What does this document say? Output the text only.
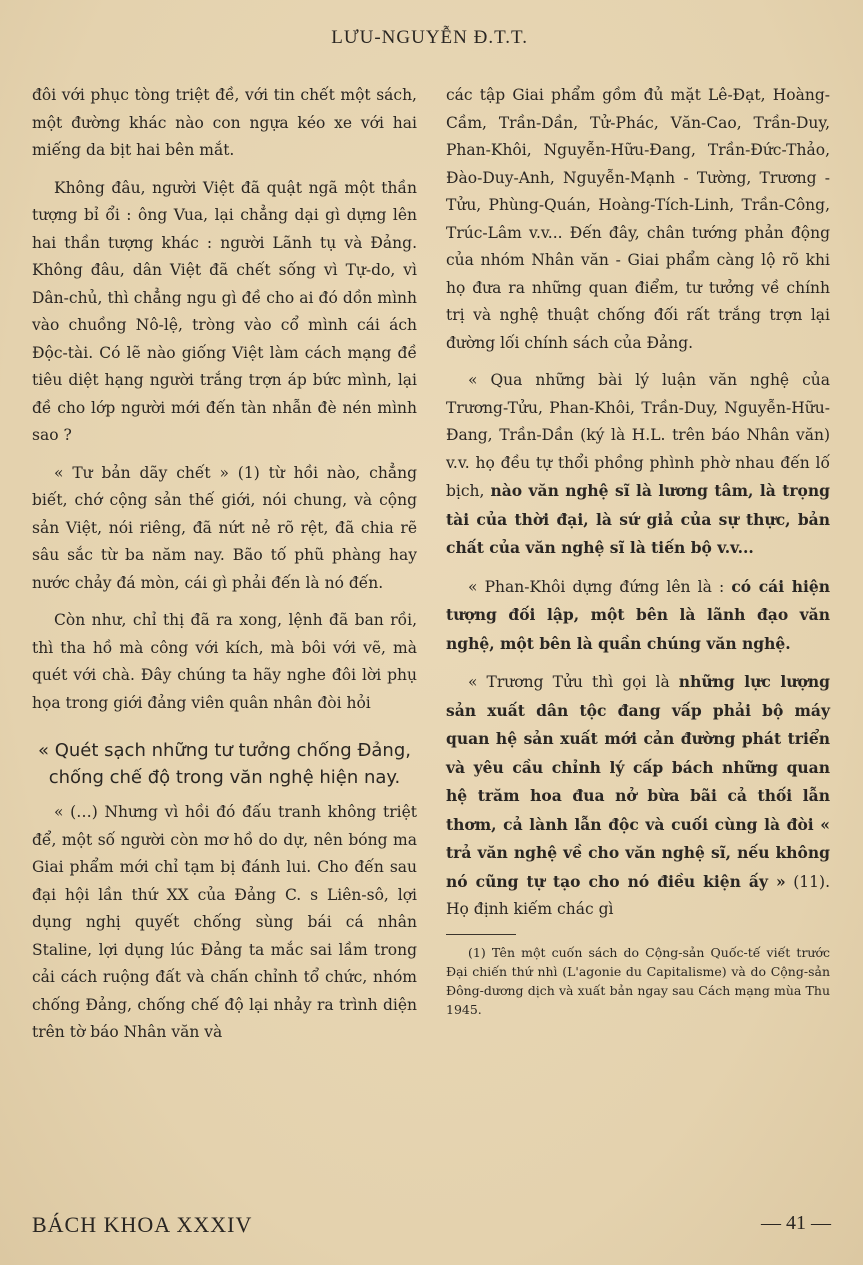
LƯU-NGUYỄN Đ.T.T.

đôi với phục tòng triệt đề, với tin chết một sách, một đường khác nào con ngựa kéo xe với hai miếng da bịt hai bên mắt.

Không đâu, người Việt đã quật ngã một thần tượng bỉ ổi : ông Vua, lại chẳng dại gì dựng lên hai thần tượng khác : người Lãnh tụ và Đảng. Không đâu, dân Việt đã chết sống vì Tự-do, vì Dân-chủ, thì chẳng ngu gì đề cho ai đó dồn mình vào chuồng Nô-lệ, tròng vào cổ mình cái ách Độc-tài. Có lẽ nào giống Việt làm cách mạng đề tiêu diệt hạng người trắng trợn áp bức mình, lại đề cho lớp người mới đến tàn nhẫn đè nén mình sao ?

« Tư bản dãy chết » (1) từ hồi nào, chẳng biết, chớ cộng sản thế giới, nói chung, và cộng sản Việt, nói riêng, đã nứt nẻ rõ rệt, đã chia rẽ sâu sắc từ ba năm nay. Bão tố phũ phàng hay nước chảy đá mòn, cái gì phải đến là nó đến.

Còn như, chỉ thị đã ra xong, lệnh đã ban rồi, thì tha hồ mà công với kích, mà bôi với vẽ, mà quét với chà. Đây chúng ta hãy nghe đôi lời phụ họa trong giới đảng viên quân nhân đòi hỏi

« Quét sạch những tư tưởng chống Đảng, chống chế độ trong văn nghệ hiện nay.

« (…) Nhưng vì hồi đó đấu tranh không triệt để, một số người còn mơ hồ do dự, nên bóng ma Giai phẩm mới chỉ tạm bị đánh lui. Cho đến sau đại hội lần thứ XX của Đảng C. s Liên-sô, lợi dụng nghị quyết chống sùng bái cá nhân Staline, lợi dụng lúc Đảng ta mắc sai lầm trong cải cách ruộng đất và chấn chỉnh tổ chức, nhóm chống Đảng, chống chế độ lại nhảy ra trình diện trên tờ báo Nhân văn và

các tập Giai phẩm gồm đủ mặt Lê-Đạt, Hoàng-Cầm, Trần-Dần, Tử-Phác, Văn-Cao, Trần-Duy, Phan-Khôi, Nguyễn-Hữu-Đang, Trần-Đức-Thảo, Đào-Duy-Anh, Nguyễn-Mạnh - Tường, Trương - Tửu, Phùng-Quán, Hoàng-Tích-Linh, Trần-Công, Trúc-Lâm v.v... Đến đây, chân tướng phản động của nhóm Nhân văn - Giai phẩm càng lộ rõ khi họ đưa ra những quan điểm, tư tưởng về chính trị và nghệ thuật chống đối rất trắng trợn lại đường lối chính sách của Đảng.

« Qua những bài lý luận văn nghệ của Trương-Tửu, Phan-Khôi, Trần-Duy, Nguyễn-Hữu-Đang, Trần-Dần (ký là H.L. trên báo Nhân văn) v.v. họ đều tự thổi phồng phình phờ nhau đến lố bịch, nào văn nghệ sĩ là lương tâm, là trọng tài của thời đại, là sứ giả của sự thực, bản chất của văn nghệ sĩ là tiến bộ v.v...

« Phan-Khôi dựng đứng lên là : có cái hiện tượng đối lập, một bên là lãnh đạo văn nghệ, một bên là quần chúng văn nghệ.

« Trương Tửu thì gọi là những lực lượng sản xuất dân tộc đang vấp phải bộ máy quan hệ sản xuất mới cản đường phát triển và yêu cầu chỉnh lý cấp bách những quan hệ trăm hoa đua nở bừa bãi cả thối lẫn thơm, cả lành lẫn độc và cuối cùng là đòi « trả văn nghệ về cho văn nghệ sĩ, nếu không nó cũng tự tạo cho nó điều kiện ấy » (11). Họ định kiếm chác gì

(1) Tên một cuốn sách do Cộng-sản Quốc-tế viết trước Đại chiến thứ nhì (L'agonie du Capitalisme) và do Cộng-sản Đông-dương dịch và xuất bản ngay sau Cách mạng mùa Thu 1945.

BÁCH KHOA XXXIV	— 41 —
